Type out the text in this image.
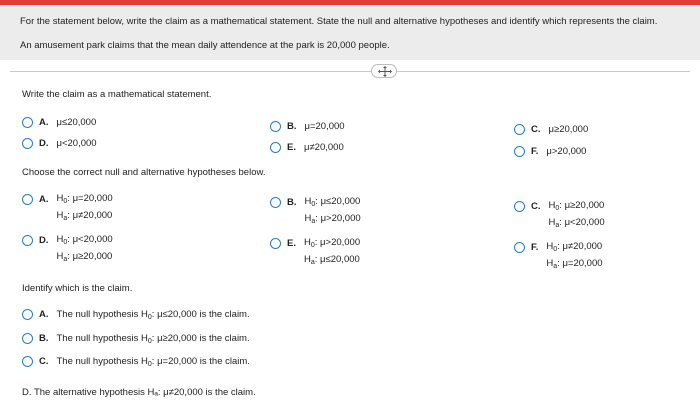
For the statement below, write the claim as a mathematical statement. State the null and alternative hypotheses and identify which represents the claim.
An amusement park claims that the mean daily attendence at the park is 20,000 people.
Write the claim as a mathematical statement.
A. μ≤20,000	B. μ=20,000	C. μ≥20,000
D. μ<20,000	E. μ≠20,000	F. μ>20,000
Choose the correct null and alternative hypotheses below.
A. $H_0$: μ=20,000
$H_a$: μ≠20,000
B. $H_0$: μ≤20,000
$H_a$: μ>20,000
C. $H_0$: μ≥20,000
$H_a$: μ<20,000
D. $H_0$: μ<20,000
$H_a$: μ≥20,000
E. $H_0$: μ>20,000
$H_a$: μ≤20,000
F. $H_0$: μ≠20,000
$H_a$: μ=20,000
Identify which is the claim.
A. The null hypothesis $H_0$: μ≤20,000 is the claim.
B. The null hypothesis $H_0$: μ≥20,000 is the claim.
C. The null hypothesis $H_0$: μ=20,000 is the claim.
D. The alternative hypothesis Hₐ: μ≠20,000 is the claim.
